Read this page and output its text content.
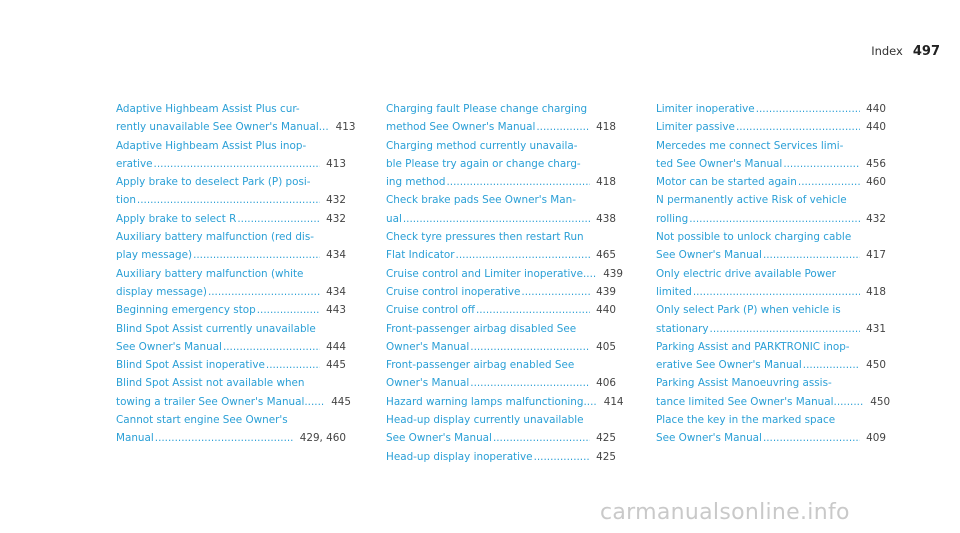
Index 497
Adaptive Highbeam Assist Plus cur-
rently unavailable See Owner's Manual... ..... 413
Adaptive Highbeam Assist Plus inop-
erative .....	413
Apply brake to deselect Park (P) posi-
tion .....	432
Apply brake to select R .....	432
Auxiliary battery malfunction (red dis-
play message) .....	434
Auxiliary battery malfunction (white
display message) .....	434
Beginning emergency stop .....	443
Blind Spot Assist currently unavailable
See Owner's Manual .....	444
Blind Spot Assist inoperative .....	445
Blind Spot Assist not available when
towing a trailer See Owner's Manual...... ..... 445
Cannot start engine See Owner's
Manual .....	429, 460
Charging fault Please change charging
method See Owner's Manual .....	418
Charging method currently unavaila-
ble Please try again or change charg-
ing method .....	418
Check brake pads See Owner's Man-
ual .....	438
Check tyre pressures then restart Run
Flat Indicator .....	465
Cruise control and Limiter inoperative.... ..... 439
Cruise control inoperative .....	439
Cruise control off .....	440
Front-passenger airbag disabled See
Owner's Manual .....	405
Front-passenger airbag enabled See
Owner's Manual .....	406
Hazard warning lamps malfunctioning.... ..... 414
Head-up display currently unavailable
See Owner's Manual .....	425
Head-up display inoperative .....	425
Limiter inoperative .....	440
Limiter passive .....	440
Mercedes me connect Services limi-
ted See Owner's Manual .....	456
Motor can be started again .....	460
N permanently active Risk of vehicle
rolling .....	432
Not possible to unlock charging cable
See Owner's Manual .....	417
Only electric drive available Power
limited .....	418
Only select Park (P) when vehicle is
stationary .....	431
Parking Assist and PARKTRONIC inop-
erative See Owner's Manual .....	450
Parking Assist Manoeuvring assis-
tance limited See Owner's Manual......... ..... 450
Place the key in the marked space
See Owner's Manual .....	409
carmanualsonline.info
